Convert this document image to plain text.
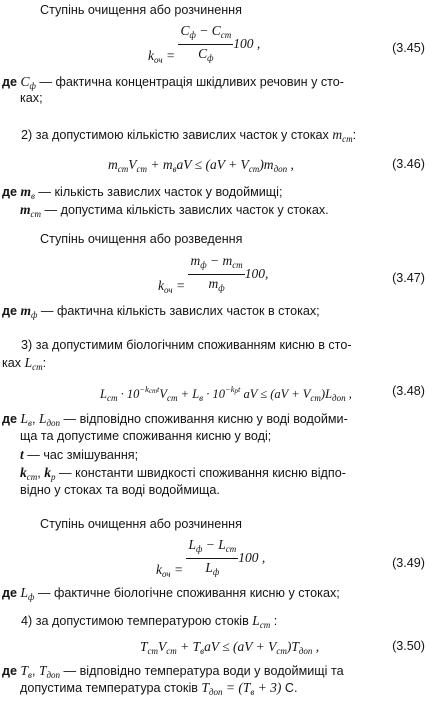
Ступінь очищення або розчинення
$k_{оч} = \frac{C_ф - C_{ст}}{C_ф} 100$ ,	(3.45)
де $C_ф$ — фактична концентрація шкідливих речовин у сто-
ках;
2) за допустимою кількістю завислих часток у стоках $m_{ст}$:
$m_{ст}V_{ст} + m_вaV \le (aV + V_{ст})m_{доп}$ ,	(3.46)
де $m_в$ — кількість завислих часток у водоймищі;
$m_{ст}$ — допустима кількість завислих часток у стоках.
Ступінь очищення або розведення
$k_{оч} = \frac{m_ф - m_{ст}}{m_ф} 100$,	(3.47)
де $m_ф$ — фактична кількість завислих часток в стоках;
3) за допустимим біологічним споживанням кисню в сто-
ках $L_{ст}$:
$L_{ст} \cdot 10^{-k_{ст}t}V_{ст} + L_в \cdot 10^{-k_рt}$ aV ≤ $(aV + V_{ст})L_{доп}$ ,	(3.48)
де $L_в$, $L_{доп}$ — відповідно споживання кисню у воді водойми-
ща та допустиме споживання кисню у воді;
t — час змішування;
$k_{ст}$, $k_р$ — константи швидкості споживання кисню відпо-
відно у стоках та воді водоймища.
Ступінь очищення або розчинення
$k_{оч} = \frac{L_ф - L_{ст}}{L_ф} 100$ ,	(3.49)
де $L_ф$ — фактичне біологічне споживання кисню у стоках;
4) за допустимою температурою стоків $L_{ст}$ :
$T_{ст}V_{ст} + T_вaV \le (aV + V_{ст})T_{доп}$ ,	(3.50)
де $T_в$, $T_{доп}$ — відповідно температура води у водоймищі та
допустима температура стоків $T_{доп} = (T_в + 3)$ С.
